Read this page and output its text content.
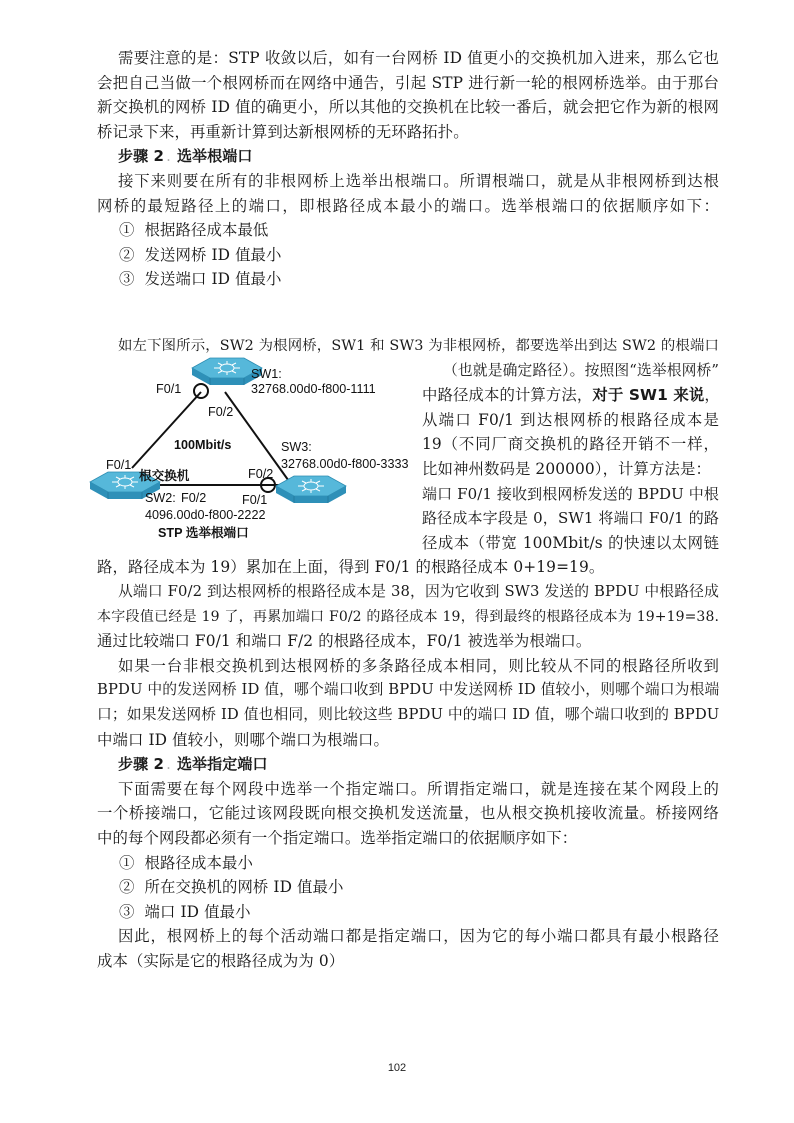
需要注意的是：STP 收敛以后，如有一台网桥 ID 值更小的交换机加入进来，那么它也
会把自己当做一个根网桥而在网络中通告，引起 STP 进行新一轮的根网桥选举。由于那台
新交换机的网桥 ID 值的确更小，所以其他的交换机在比较一番后，就会把它作为新的根网
桥记录下来，再重新计算到达新根网桥的无环路拓扑。
步骤 2 . 选举根端口
接下来则要在所有的非根网桥上选举出根端口。所谓根端口，就是从非根网桥到达根
网桥的最短路径上的端口，即根路径成本最小的端口。选举根端口的依据顺序如下：
① 根据路径成本最低
② 发送网桥 ID 值最小
③ 发送端口 ID 值最小
如左下图所示，SW2 为根网桥，SW1 和 SW3 为非根网桥，都要选举出到达 SW2 的根端口
（也就是确定路径）。按照图“选举根网桥”
中路径成本的计算方法，对于 SW1 来说，
从端口 F0/1 到达根网桥的根路径成本是
19（不同厂商交换机的路径开销不一样，
比如神州数码是 200000），计算方法是：
端口 F0/1 接收到根网桥发送的 BPDU 中根
路径成本字段是 0，SW1 将端口 F0/1 的路
径成本（带宽 100Mbit/s 的快速以太网链
路，路径成本为 19）累加在上面，得到 F0/1 的根路径成本 0+19=19。
F0/1
F0/2
SW1:
32768.00d0-f800-1111
100Mbit/s	SW3:
32768.00d0-f800-3333
F0/2
F0/1
F0/1
根交换机
SW2: F0/2
4096.00d0-f800-2222
STP 选举根端口
从端口 F0/2 到达根网桥的根路径成本是 38，因为它收到 SW3 发送的 BPDU 中根路径成
本字段值已经是 19 了，再累加端口 F0/2 的路径成本 19，得到最终的根路径成本为 19+19=38.
通过比较端口 F0/1 和端口 F/2 的根路径成本，F0/1 被选举为根端口。
如果一台非根交换机到达根网桥的多条路径成本相同，则比较从不同的根路径所收到
BPDU 中的发送网桥 ID 值，哪个端口收到 BPDU 中发送网桥 ID 值较小，则哪个端口为根端
口；如果发送网桥 ID 值也相同，则比较这些 BPDU 中的端口 ID 值，哪个端口收到的 BPDU
中端口 ID 值较小，则哪个端口为根端口。
步骤 2 . 选举指定端口
下面需要在每个网段中选举一个指定端口。所谓指定端口，就是连接在某个网段上的
一个桥接端口，它能过该网段既向根交换机发送流量，也从根交换机接收流量。桥接网络
中的每个网段都必须有一个指定端口。选举指定端口的依据顺序如下：
① 根路径成本最小
② 所在交换机的网桥 ID 值最小
③ 端口 ID 值最小
因此，根网桥上的每个活动端口都是指定端口，因为它的每小端口都具有最小根路径
成本（实际是它的根路径成为为 0）
102
